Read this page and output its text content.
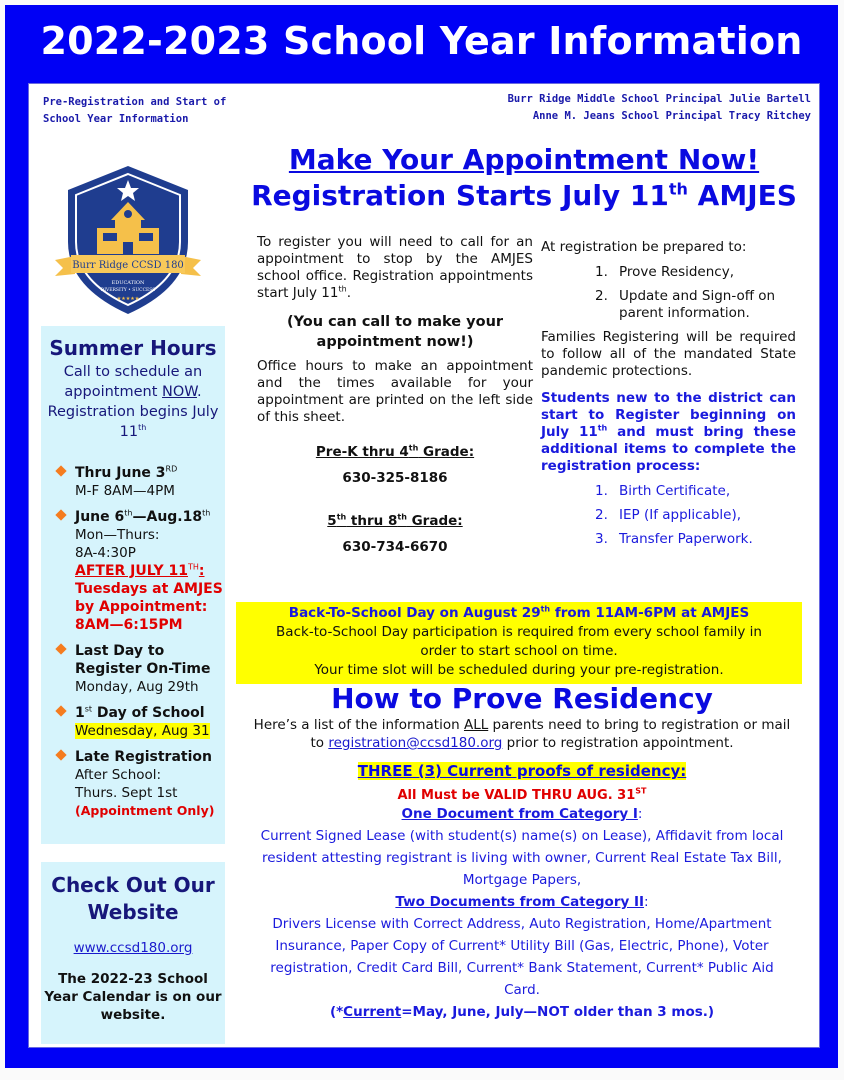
2022-2023 School Year Information
Pre-Registration and Start of
School Year Information
Burr Ridge Middle School Principal Julie Bartell
Anne M. Jeans School Principal Tracy Ritchey
Burr Ridge CCSD 180
EDUCATION
DIVERSITY • SUCCESS
★★★★★
Summer Hours
Call to schedule an appointment NOW. Registration begins July 11th
Thru June 3RD
M-F 8AM—4PM
June 6th—Aug.18th
Mon—Thurs:
8A-4:30P
AFTER JULY 11TH:
Tuesdays at AMJES by Appointment: 8AM—6:15PM
Last Day to Register On-Time
Monday, Aug 29th
1st Day of School
Wednesday, Aug 31
Late Registration
After School:
Thurs. Sept 1st
(Appointment Only)
Check Out Our Website
www.ccsd180.org
The 2022-23 School Year Calendar is on our website.
Make Your Appointment Now!
Registration Starts July 11th AMJES

To register you will need to call for an appointment to stop by the AMJES school office. Registration appointments start July 11th.

(You can call to make your appointment now!)

Office hours to make an appointment and the times available for your appointment are printed on the left side of this sheet.

Pre-K thru 4th Grade:
630-325-8186
5th thru 8th Grade:
630-734-6670
At registration be prepared to:
1. Prove Residency,
2. Update and Sign-off on parent information.

Families Registering will be required to follow all of the mandated State pandemic protections.

Students new to the district can start to Register beginning on July 11th and must bring these additional items to complete the registration process:

1. Birth Certificate,
2. IEP (If applicable),
3. Transfer Paperwork.
Back-To-School Day on August 29th from 11AM-6PM at AMJES
Back-to-School Day participation is required from every school family in order to start school on time.
Your time slot will be scheduled during your pre-registration.
How to Prove Residency
Here’s a list of the information ALL parents need to bring to registration or mail to registration@ccsd180.org prior to registration appointment.
THREE (3) Current proofs of residency:
All Must be VALID THRU AUG. 31ST
One Document from Category I:
Current Signed Lease (with student(s) name(s) on Lease), Affidavit from local resident attesting registrant is living with owner, Current Real Estate Tax Bill, Mortgage Papers,
Two Documents from Category II:
Drivers License with Correct Address, Auto Registration, Home/Apartment Insurance, Paper Copy of Current* Utility Bill (Gas, Electric, Phone), Voter registration, Credit Card Bill, Current* Bank Statement, Current* Public Aid Card.
(*Current=May, June, July—NOT older than 3 mos.)
